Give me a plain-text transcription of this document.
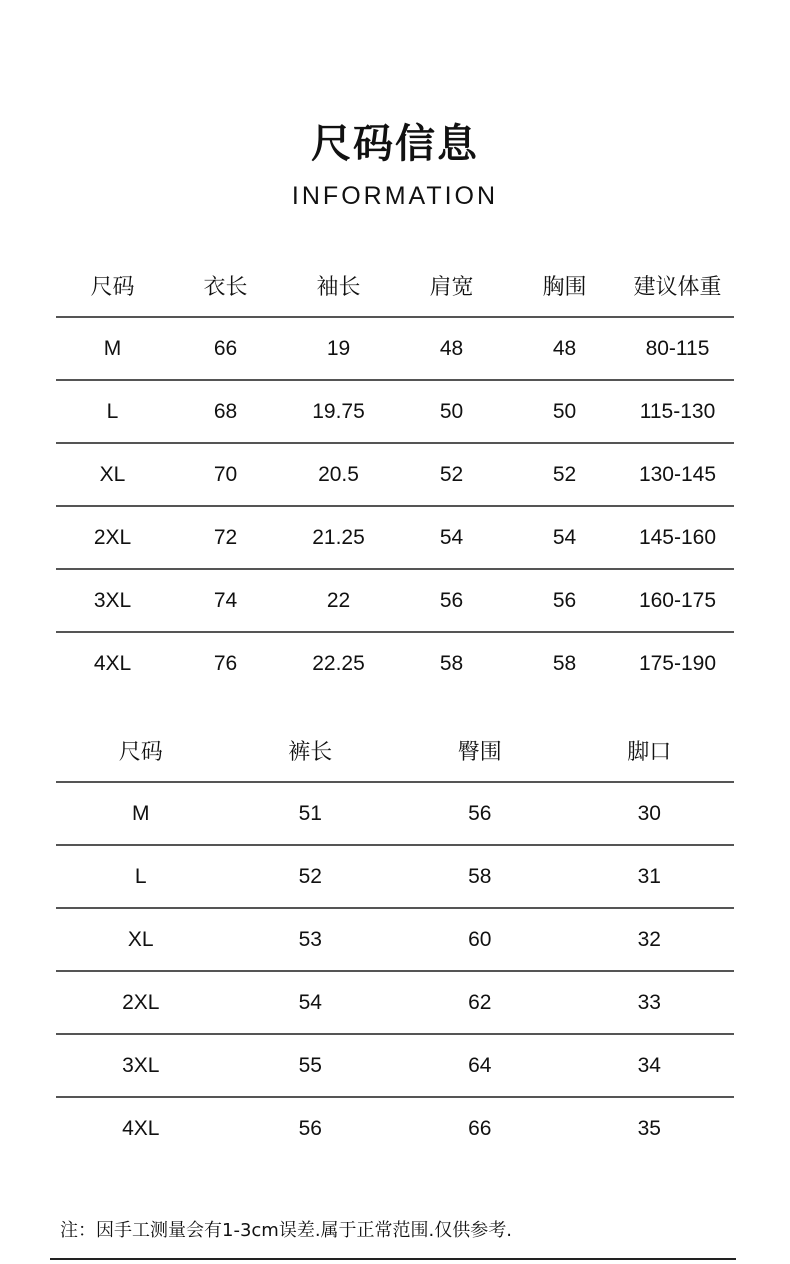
尺码信息
INFORMATION
尺码	衣长	袖长	肩宽	胸围	建议体重
M	66	19	48	48	80-115
L	68	19.75	50	50	115-130
XL	70	20.5	52	52	130-145
2XL	72	21.25	54	54	145-160
3XL	74	22	56	56	160-175
4XL	76	22.25	58	58	175-190
尺码	裤长	臀围	脚口
M	51	56	30
L	52	58	31
XL	53	60	32
2XL	54	62	33
3XL	55	64	34
4XL	56	66	35
注：因手工测量会有1-3cm误差.属于正常范围.仅供参考.
